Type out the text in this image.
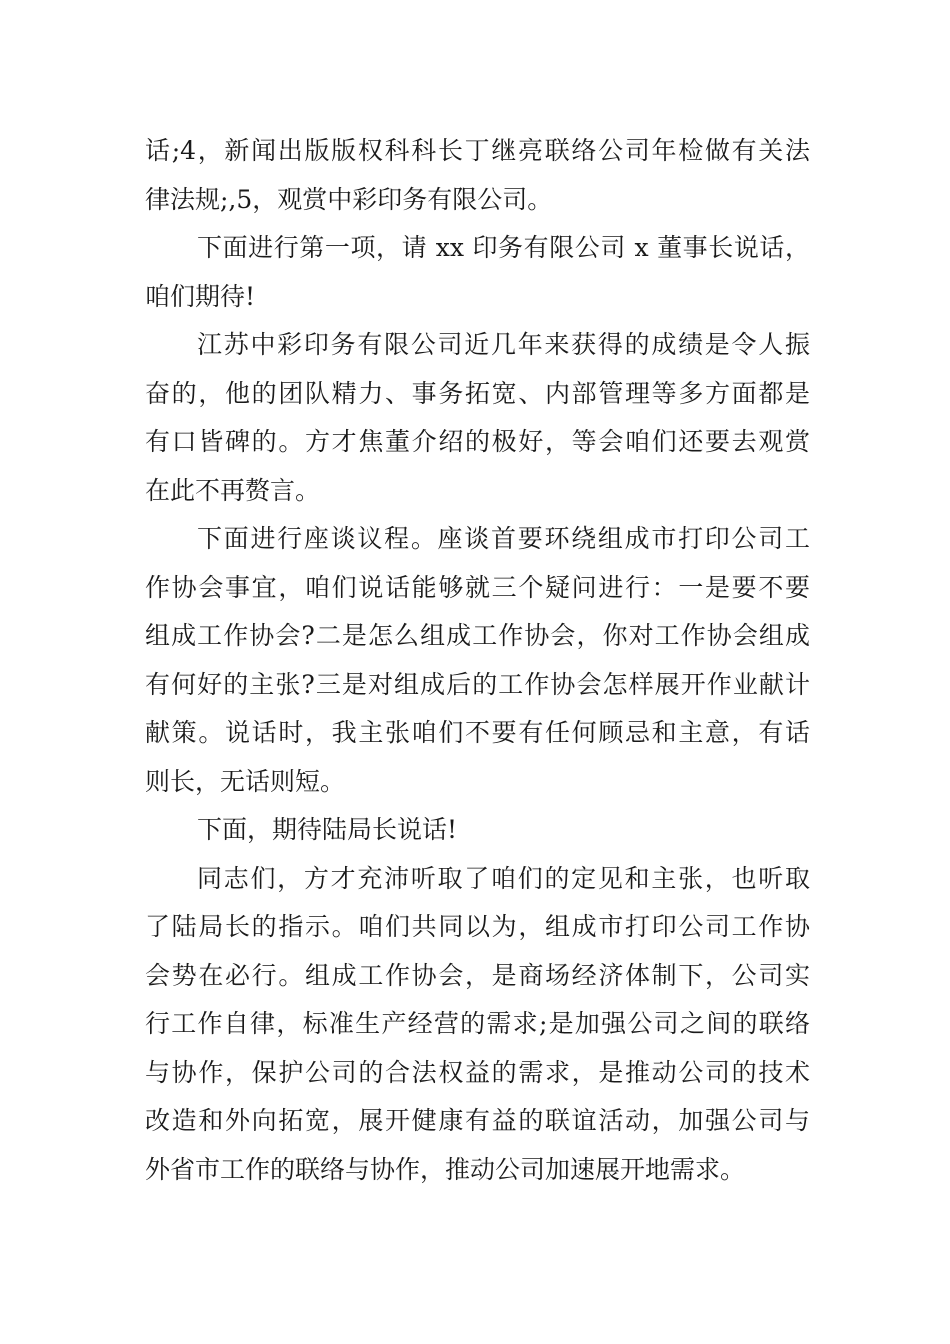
话;4，新闻出版版权科科长丁继亮联络公司年检做有关法
律法规;,5，观赏中彩印务有限公司。
下面进行第一项，请 xx 印务有限公司 x 董事长说话，
咱们期待!
江苏中彩印务有限公司近几年来获得的成绩是令人振
奋的，他的团队精力、事务拓宽、内部管理等多方面都是
有口皆碑的。方才焦董介绍的极好，等会咱们还要去观赏
在此不再赘言。
下面进行座谈议程。座谈首要环绕组成市打印公司工
作协会事宜，咱们说话能够就三个疑问进行：一是要不要
组成工作协会?二是怎么组成工作协会，你对工作协会组成
有何好的主张?三是对组成后的工作协会怎样展开作业献计
献策。说话时，我主张咱们不要有任何顾忌和主意，有话
则长，无话则短。
下面，期待陆局长说话!
同志们，方才充沛听取了咱们的定见和主张，也听取
了陆局长的指示。咱们共同以为，组成市打印公司工作协
会势在必行。组成工作协会，是商场经济体制下，公司实
行工作自律，标准生产经营的需求;是加强公司之间的联络
与协作，保护公司的合法权益的需求，是推动公司的技术
改造和外向拓宽，展开健康有益的联谊活动，加强公司与
外省市工作的联络与协作，推动公司加速展开地需求。
